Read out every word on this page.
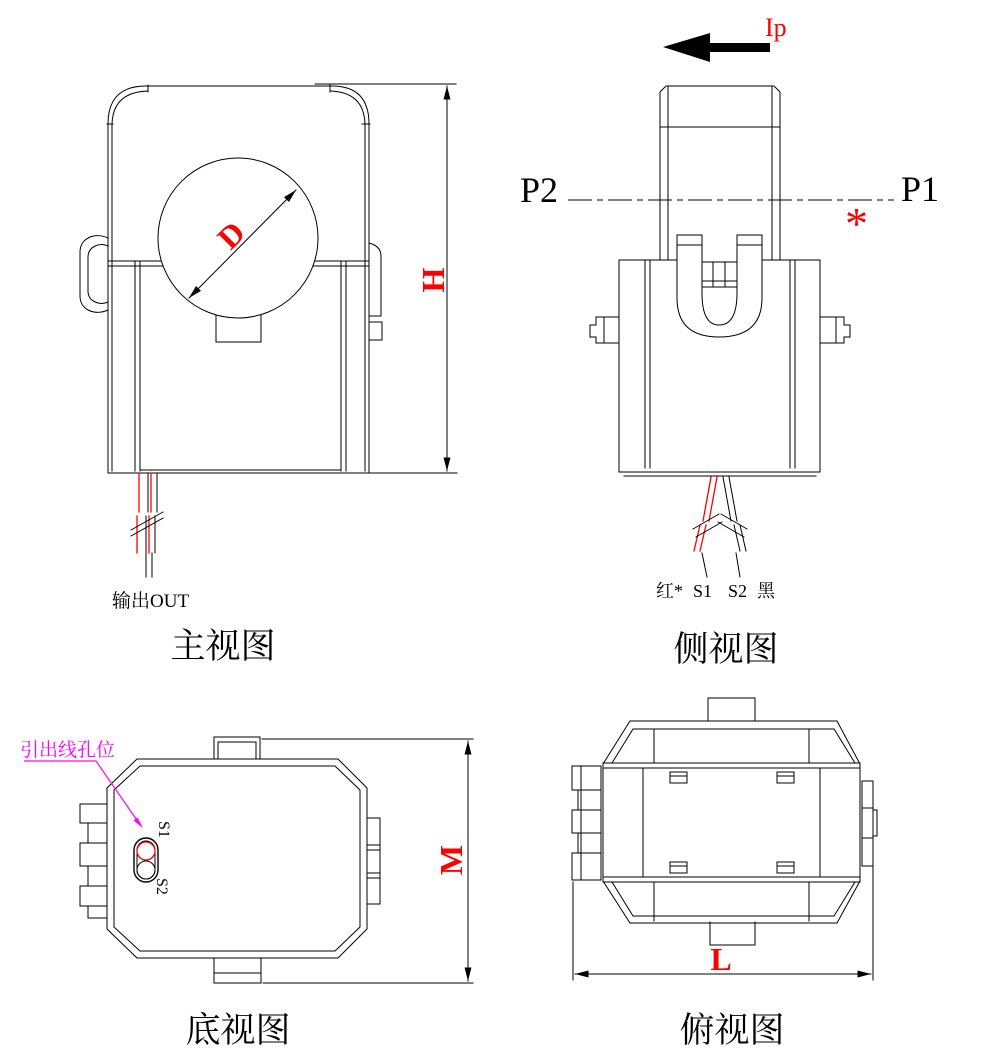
D
H
输出OUT
主视图
Ip
P2	P1
*
红* S1 S2 黑
侧视图
S1
S2
引出线孔位
M
底视图
L
俯视图
